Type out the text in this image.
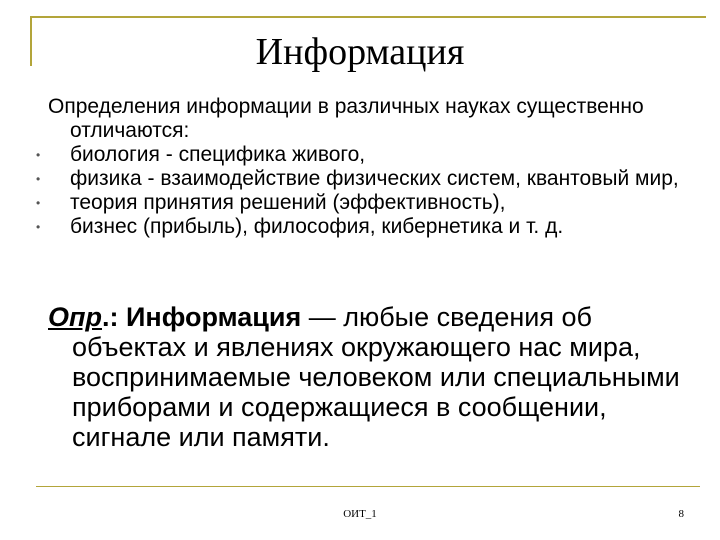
Информация
Определения информации в различных науках существенно отличаются:
•	биология - специфика живого,
•	физика - взаимодействие физических систем, квантовый мир,
•	теория принятия решений (эффективность),
•	бизнес (прибыль), философия, кибернетика и т. д.
Опр.: Информация — любые сведения об объектах и явлениях окружающего нас мира, воспринимаемые человеком или специальными приборами и содержащиеся в сообщении, сигнале или памяти.
ОИТ_1	8
